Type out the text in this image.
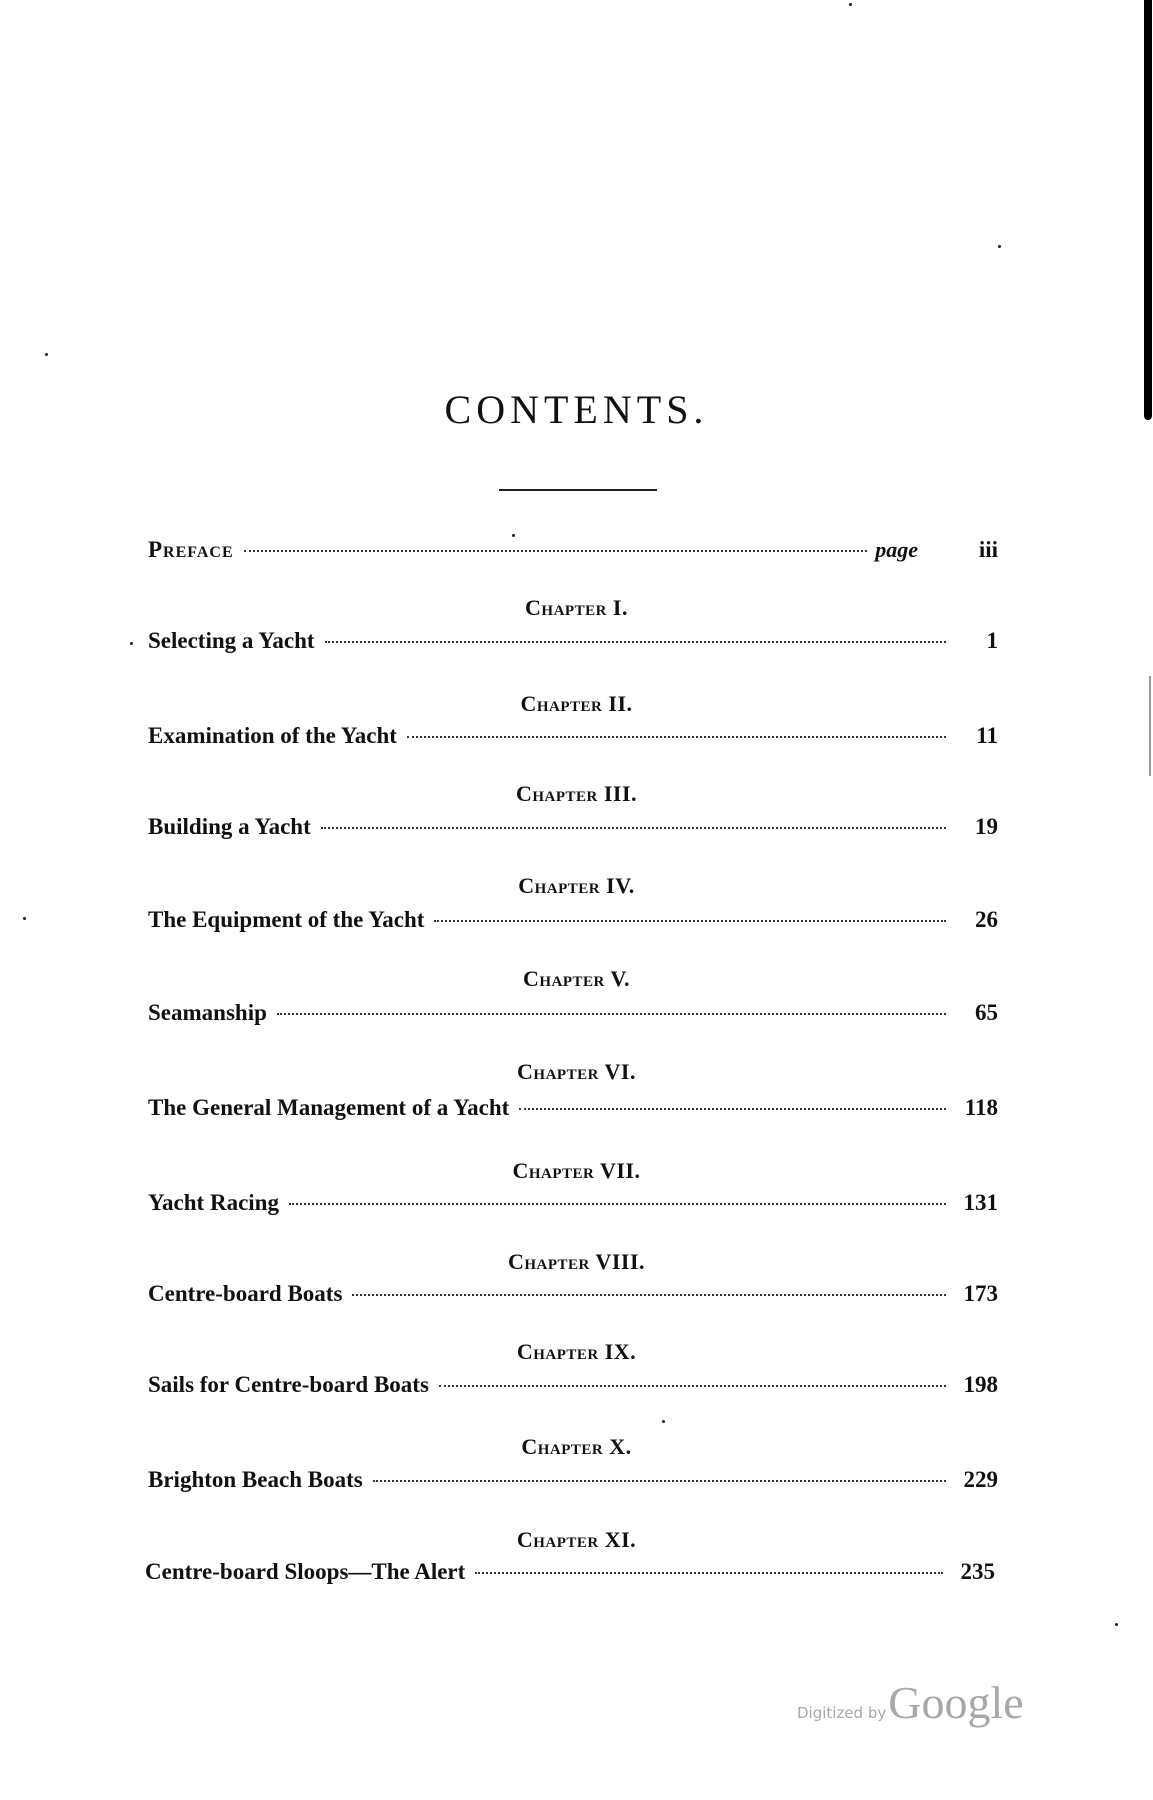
CONTENTS.
Preface	page	iii
Chapter I.
Selecting a Yacht	1
Chapter II.
Examination of the Yacht	11
Chapter III.
Building a Yacht	19
Chapter IV.
The Equipment of the Yacht	26
Chapter V.
Seamanship	65
Chapter VI.
The General Management of a Yacht	118
Chapter VII.
Yacht Racing	131
Chapter VIII.
Centre-board Boats	173
Chapter IX.
Sails for Centre-board Boats	198
Chapter X.
Brighton Beach Boats	229
Chapter XI.
Centre-board Sloops—The Alert	235
Digitized byGoogle
